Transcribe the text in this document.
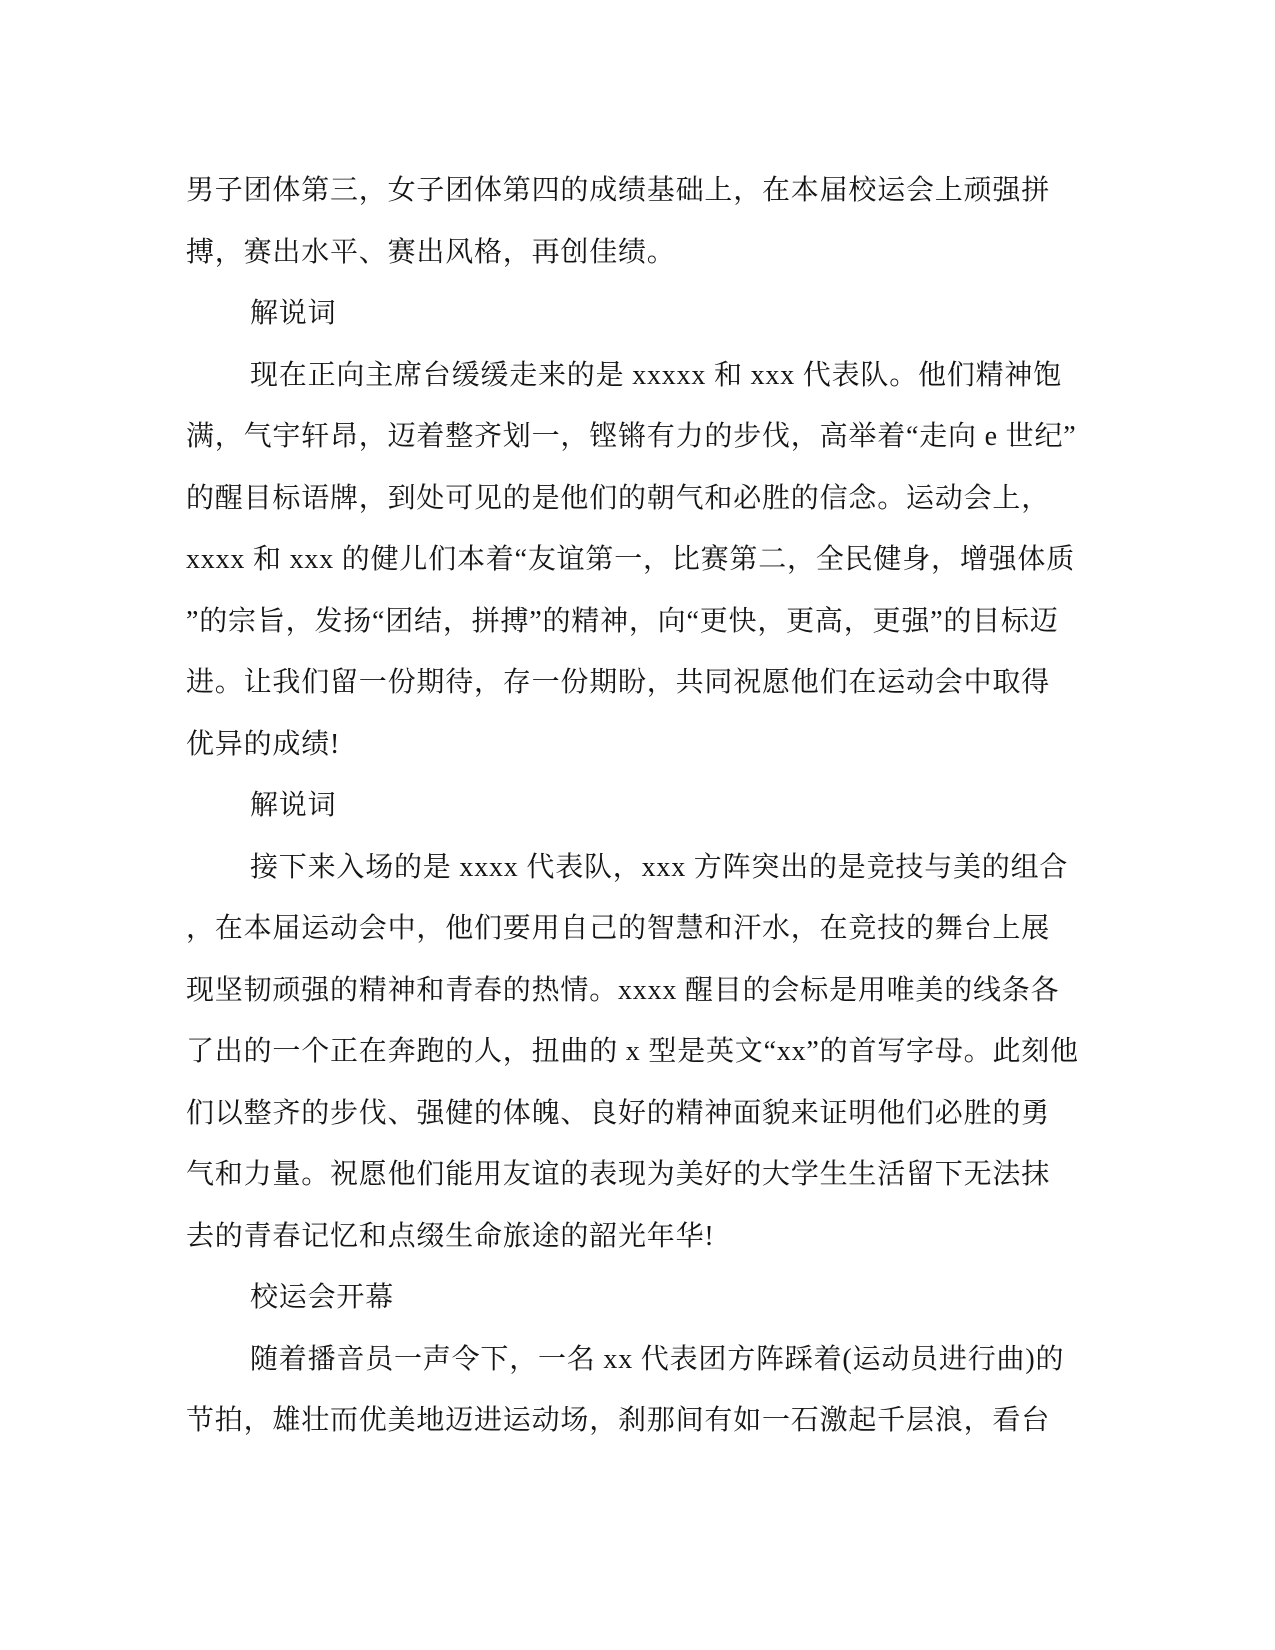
男子团体第三，女子团体第四的成绩基础上，在本届校运会上顽强拼
搏，赛出水平、赛出风格，再创佳绩。
解说词
现在正向主席台缓缓走来的是 xxxxx 和 xxx 代表队。他们精神饱
满，气宇轩昂，迈着整齐划一，铿锵有力的步伐，高举着“走向 e 世纪”
的醒目标语牌，到处可见的是他们的朝气和必胜的信念。运动会上，
xxxx 和 xxx 的健儿们本着“友谊第一，比赛第二，全民健身，增强体质
”的宗旨，发扬“团结，拼搏”的精神，向“更快，更高，更强”的目标迈
进。让我们留一份期待，存一份期盼，共同祝愿他们在运动会中取得
优异的成绩!
解说词
接下来入场的是 xxxx 代表队，xxx 方阵突出的是竞技与美的组合
，在本届运动会中，他们要用自己的智慧和汗水，在竞技的舞台上展
现坚韧顽强的精神和青春的热情。xxxx 醒目的会标是用唯美的线条各
了出的一个正在奔跑的人，扭曲的 x 型是英文“xx”的首写字母。此刻他
们以整齐的步伐、强健的体魄、良好的精神面貌来证明他们必胜的勇
气和力量。祝愿他们能用友谊的表现为美好的大学生生活留下无法抹
去的青春记忆和点缀生命旅途的韶光年华!
校运会开幕
随着播音员一声令下，一名 xx 代表团方阵踩着(运动员进行曲)的
节拍，雄壮而优美地迈进运动场，刹那间有如一石激起千层浪，看台
